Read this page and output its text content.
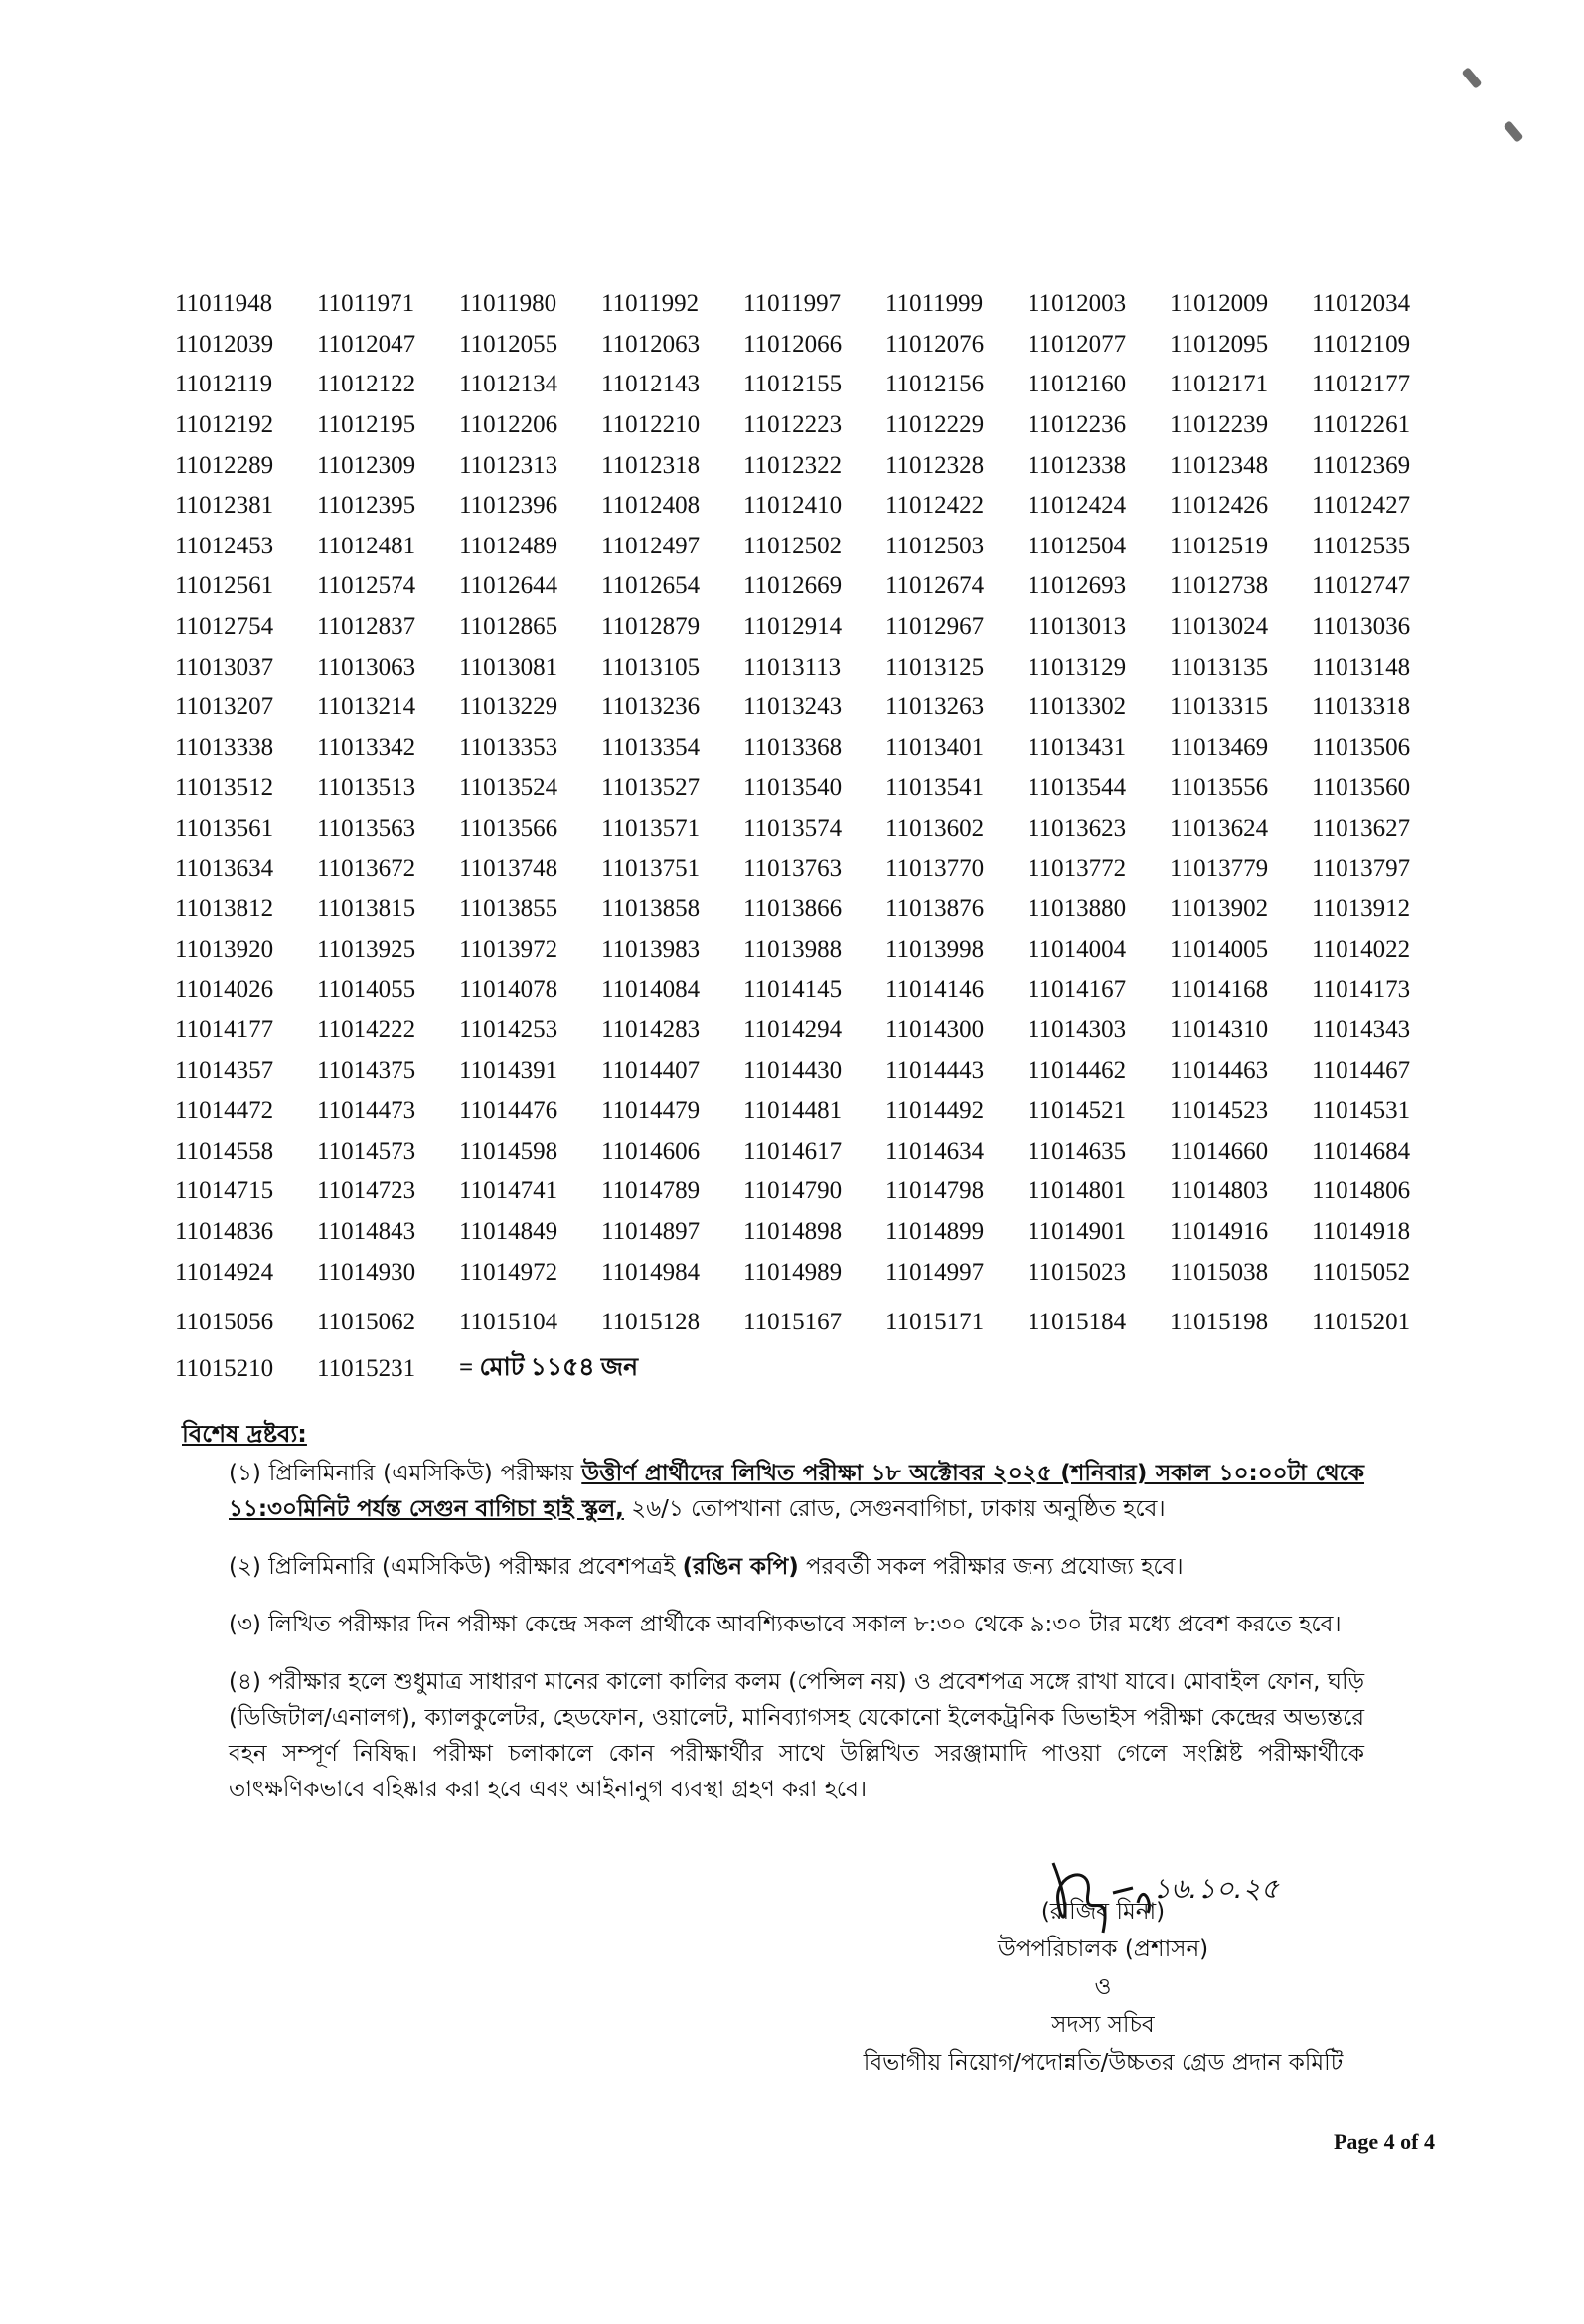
11011948	11011971	11011980	11011992	11011997	11011999	11012003	11012009	11012034
11012039	11012047	11012055	11012063	11012066	11012076	11012077	11012095	11012109
11012119	11012122	11012134	11012143	11012155	11012156	11012160	11012171	11012177
11012192	11012195	11012206	11012210	11012223	11012229	11012236	11012239	11012261
11012289	11012309	11012313	11012318	11012322	11012328	11012338	11012348	11012369
11012381	11012395	11012396	11012408	11012410	11012422	11012424	11012426	11012427
11012453	11012481	11012489	11012497	11012502	11012503	11012504	11012519	11012535
11012561	11012574	11012644	11012654	11012669	11012674	11012693	11012738	11012747
11012754	11012837	11012865	11012879	11012914	11012967	11013013	11013024	11013036
11013037	11013063	11013081	11013105	11013113	11013125	11013129	11013135	11013148
11013207	11013214	11013229	11013236	11013243	11013263	11013302	11013315	11013318
11013338	11013342	11013353	11013354	11013368	11013401	11013431	11013469	11013506
11013512	11013513	11013524	11013527	11013540	11013541	11013544	11013556	11013560
11013561	11013563	11013566	11013571	11013574	11013602	11013623	11013624	11013627
11013634	11013672	11013748	11013751	11013763	11013770	11013772	11013779	11013797
11013812	11013815	11013855	11013858	11013866	11013876	11013880	11013902	11013912
11013920	11013925	11013972	11013983	11013988	11013998	11014004	11014005	11014022
11014026	11014055	11014078	11014084	11014145	11014146	11014167	11014168	11014173
11014177	11014222	11014253	11014283	11014294	11014300	11014303	11014310	11014343
11014357	11014375	11014391	11014407	11014430	11014443	11014462	11014463	11014467
11014472	11014473	11014476	11014479	11014481	11014492	11014521	11014523	11014531
11014558	11014573	11014598	11014606	11014617	11014634	11014635	11014660	11014684
11014715	11014723	11014741	11014789	11014790	11014798	11014801	11014803	11014806
11014836	11014843	11014849	11014897	11014898	11014899	11014901	11014916	11014918
11014924	11014930	11014972	11014984	11014989	11014997	11015023	11015038	11015052
11015056	11015062	11015104	11015128	11015167	11015171	11015184	11015198	11015201
11015210	11015231	= মোট ১১৫৪ জন
বিশেষ দ্রষ্টব্য:
(১) প্রিলিমিনারি (এমসিকিউ) পরীক্ষায় উত্তীর্ণ প্রার্থীদের লিখিত পরীক্ষা ১৮ অক্টোবর ২০২৫ (শনিবার) সকাল ১০:০০টা থেকে ১১:৩০মিনিট পর্যন্ত সেগুন বাগিচা হাই স্কুল, ২৬/১ তোপখানা রোড, সেগুনবাগিচা, ঢাকায় অনুষ্ঠিত হবে।
(২) প্রিলিমিনারি (এমসিকিউ) পরীক্ষার প্রবেশপত্রই (রঙিন কপি) পরবর্তী সকল পরীক্ষার জন্য প্রযোজ্য হবে।
(৩) লিখিত পরীক্ষার দিন পরীক্ষা কেন্দ্রে সকল প্রার্থীকে আবশ্যিকভাবে সকাল ৮:৩০ থেকে ৯:৩০ টার মধ্যে প্রবেশ করতে হবে।
(৪) পরীক্ষার হলে শুধুমাত্র সাধারণ মানের কালো কালির কলম (পেন্সিল নয়) ও প্রবেশপত্র সঙ্গে রাখা যাবে। মোবাইল ফোন, ঘড়ি (ডিজিটাল/এনালগ), ক্যালকুলেটর, হেডফোন, ওয়ালেট, মানিব্যাগসহ যেকোনো ইলেকট্রনিক ডিভাইস পরীক্ষা কেন্দ্রের অভ্যন্তরে বহন সম্পূর্ণ নিষিদ্ধ। পরীক্ষা চলাকালে কোন পরীক্ষার্থীর সাথে উল্লিখিত সরঞ্জামাদি পাওয়া গেলে সংশ্লিষ্ট পরীক্ষার্থীকে তাৎক্ষণিকভাবে বহিষ্কার করা হবে এবং আইনানুগ ব্যবস্থা গ্রহণ করা হবে।
১৬.১০.২৫
(রাজিব মিনা)
উপপরিচালক (প্রশাসন)
ও
সদস্য সচিব
বিভাগীয় নিয়োগ/পদোন্নতি/উচ্চতর গ্রেড প্রদান কমিটি
Page 4 of 4
